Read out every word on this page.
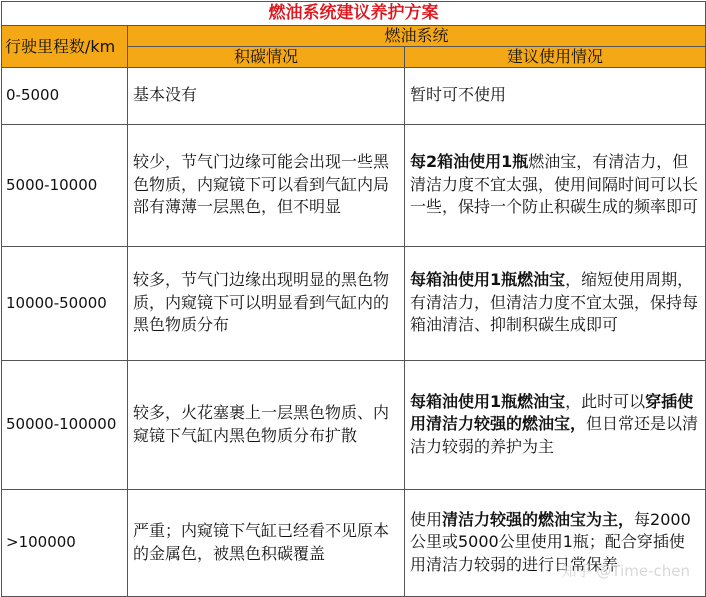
燃油系统建议养护方案		
行驶里程数/km	燃油系统	
	积碳情况	建议使用情况
0-5000	基本没有	暂时可不使用
5000-10000	较少，节气门边缘可能会出现一些黑色物质，内窥镜下可以看到气缸内局部有薄薄一层黑色，但不明显	每2箱油使用1瓶燃油宝，有清洁力，但清洁力度不宜太强，使用间隔时间可以长一些，保持一个防止积碳生成的频率即可
10000-50000	较多，节气门边缘出现明显的黑色物质，内窥镜下可以明显看到气缸内的黑色物质分布	每箱油使用1瓶燃油宝，缩短使用周期，有清洁力，但清洁力度不宜太强，保持每箱油清洁、抑制积碳生成即可
50000-100000	较多，火花塞裹上一层黑色物质、内窥镜下气缸内黑色物质分布扩散	每箱油使用1瓶燃油宝，此时可以穿插使用清洁力较强的燃油宝，但日常还是以清洁力较弱的养护为主
>100000	严重；内窥镜下气缸已经看不见原本的金属色，被黑色积碳覆盖	使用清洁力较强的燃油宝为主，每2000公里或5000公里使用1瓶；配合穿插使用清洁力较弱的进行日常保养
知乎 @Time-chen
